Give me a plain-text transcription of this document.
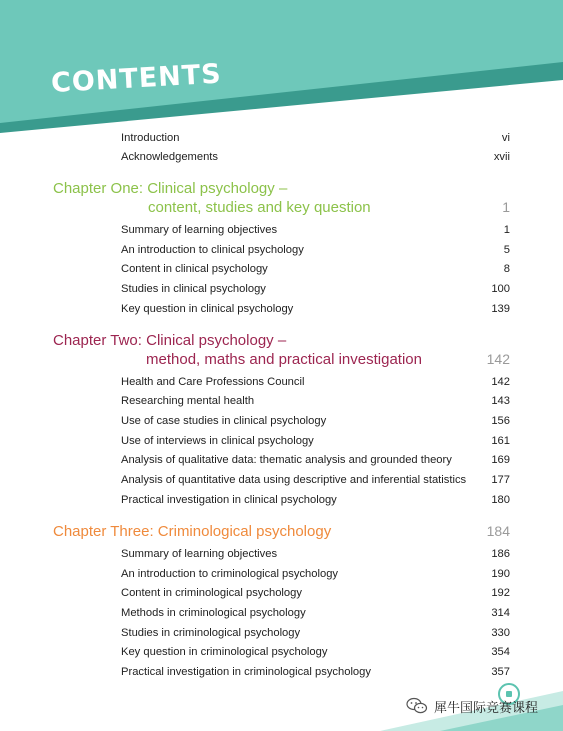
CONTENTS
Introduction	vi
Acknowledgements	xvii
Chapter One: Clinical psychology –
content, studies and key question	1
Summary of learning objectives	1
An introduction to clinical psychology	5
Content in clinical psychology	8
Studies in clinical psychology	100
Key question in clinical psychology	139
Chapter Two: Clinical psychology –
method, maths and practical investigation	142
Health and Care Professions Council	142
Researching mental health	143
Use of case studies in clinical psychology	156
Use of interviews in clinical psychology	161
Analysis of qualitative data: thematic analysis and grounded theory	169
Analysis of quantitative data using descriptive and inferential statistics 177
Practical investigation in clinical psychology	180
Chapter Three: Criminological psychology	184
Summary of learning objectives	186
An introduction to criminological psychology	190
Content in criminological psychology	192
Methods in criminological psychology	314
Studies in criminological psychology	330
Key question in criminological psychology	354
Practical investigation in criminological psychology	357
犀牛国际竞赛课程
